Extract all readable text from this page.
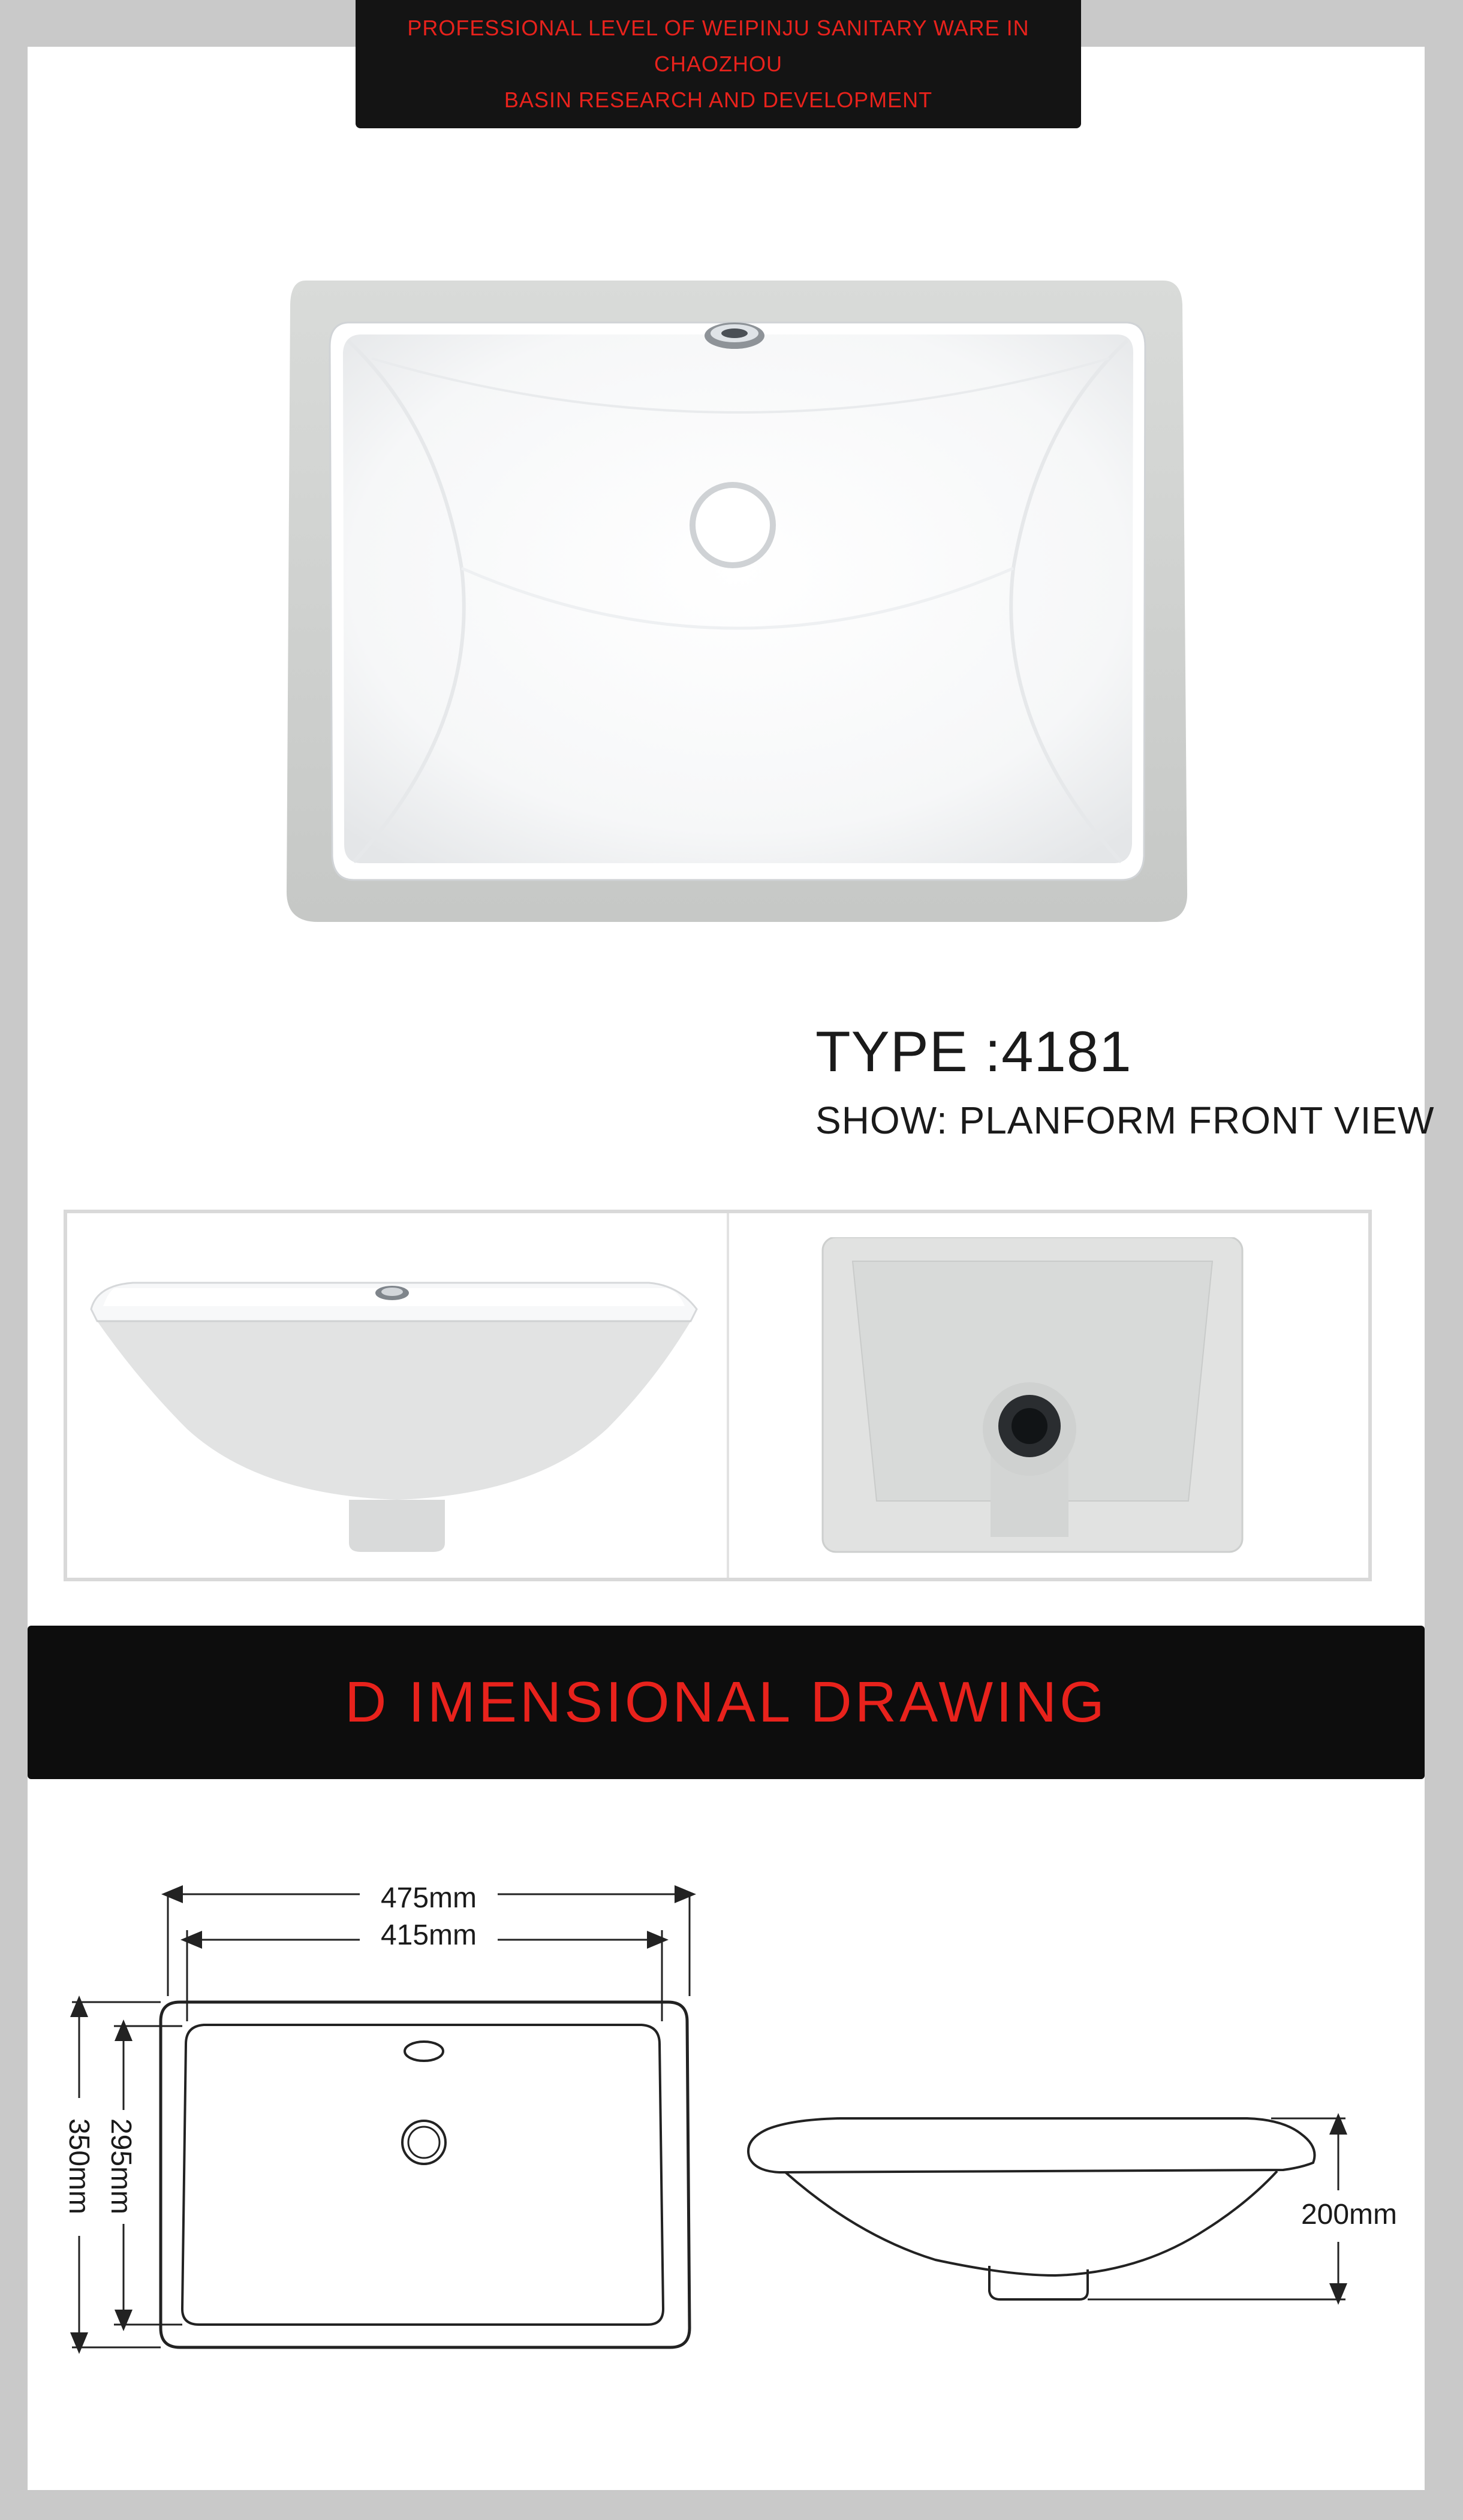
PROFESSIONAL LEVEL OF WEIPINJU SANITARY WARE IN CHAOZHOU
BASIN RESEARCH AND DEVELOPMENT
TYPE :4181
SHOW: PLANFORM FRONT VIEW
D IMENSIONAL DRAWING
475mm
415mm
295mm
350mm
200mm
